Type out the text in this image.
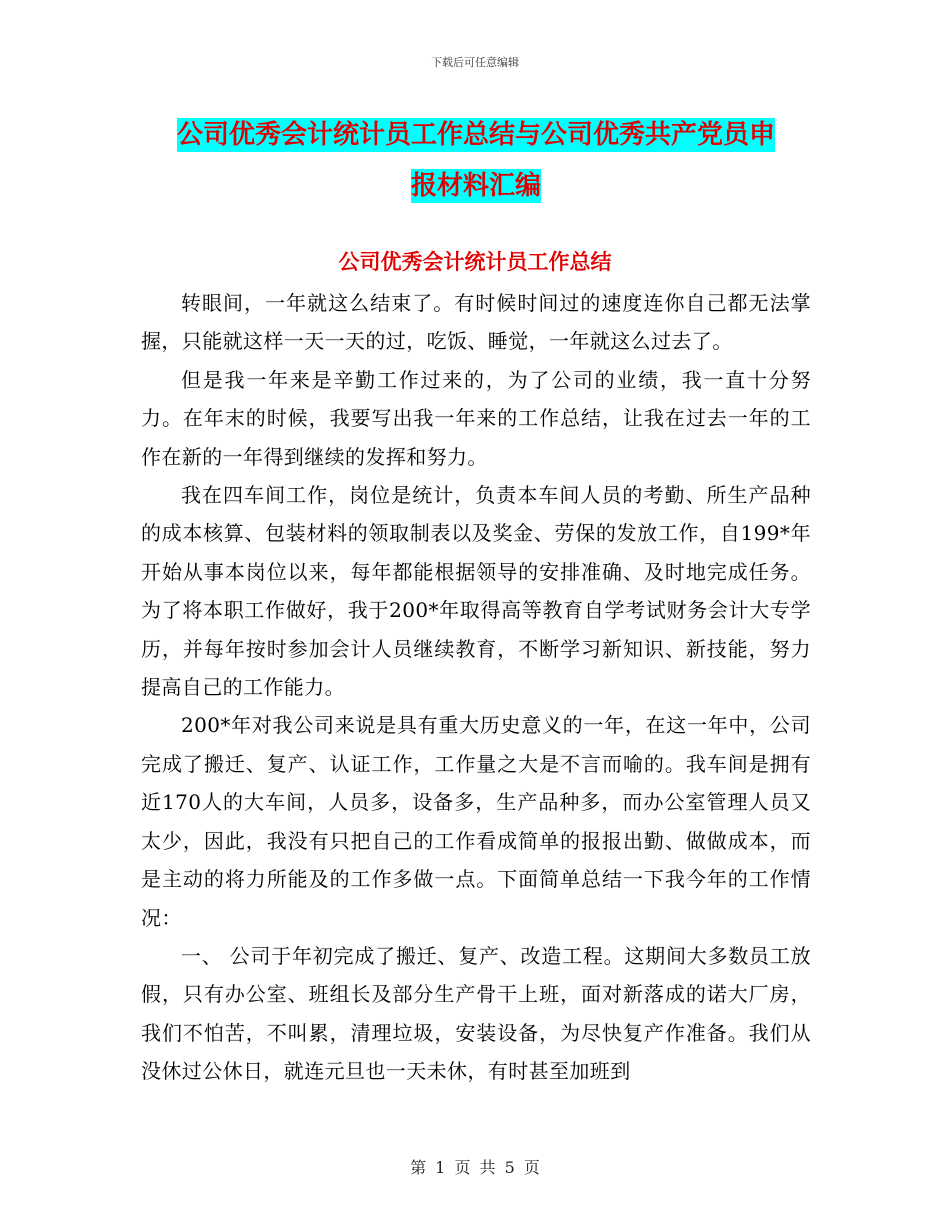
下载后可任意编辑
公司优秀会计统计员工作总结与公司优秀共产党员申
报材料汇编
公司优秀会计统计员工作总结

转眼间，一年就这么结束了。有时候时间过的速度连你自己都无法掌握，只能就这样一天一天的过，吃饭、睡觉，一年就这么过去了。

但是我一年来是辛勤工作过来的，为了公司的业绩，我一直十分努力。在年末的时候，我要写出我一年来的工作总结，让我在过去一年的工作在新的一年得到继续的发挥和努力。

我在四车间工作，岗位是统计，负责本车间人员的考勤、所生产品种的成本核算、包装材料的领取制表以及奖金、劳保的发放工作，自199*年开始从事本岗位以来，每年都能根据领导的安排准确、及时地完成任务。为了将本职工作做好，我于200*年取得高等教育自学考试财务会计大专学历，并每年按时参加会计人员继续教育，不断学习新知识、新技能，努力提高自己的工作能力。

200*年对我公司来说是具有重大历史意义的一年，在这一年中，公司完成了搬迁、复产、认证工作，工作量之大是不言而喻的。我车间是拥有近170人的大车间，人员多，设备多，生产品种多，而办公室管理人员又太少，因此，我没有只把自己的工作看成简单的报报出勤、做做成本，而是主动的将力所能及的工作多做一点。下面简单总结一下我今年的工作情况：

一、 公司于年初完成了搬迁、复产、改造工程。这期间大多数员工放假，只有办公室、班组长及部分生产骨干上班，面对新落成的诺大厂房，我们不怕苦，不叫累，清理垃圾，安装设备，为尽快复产作准备。我们从没休过公休日，就连元旦也一天未休，有时甚至加班到

第 1 页 共 5 页
